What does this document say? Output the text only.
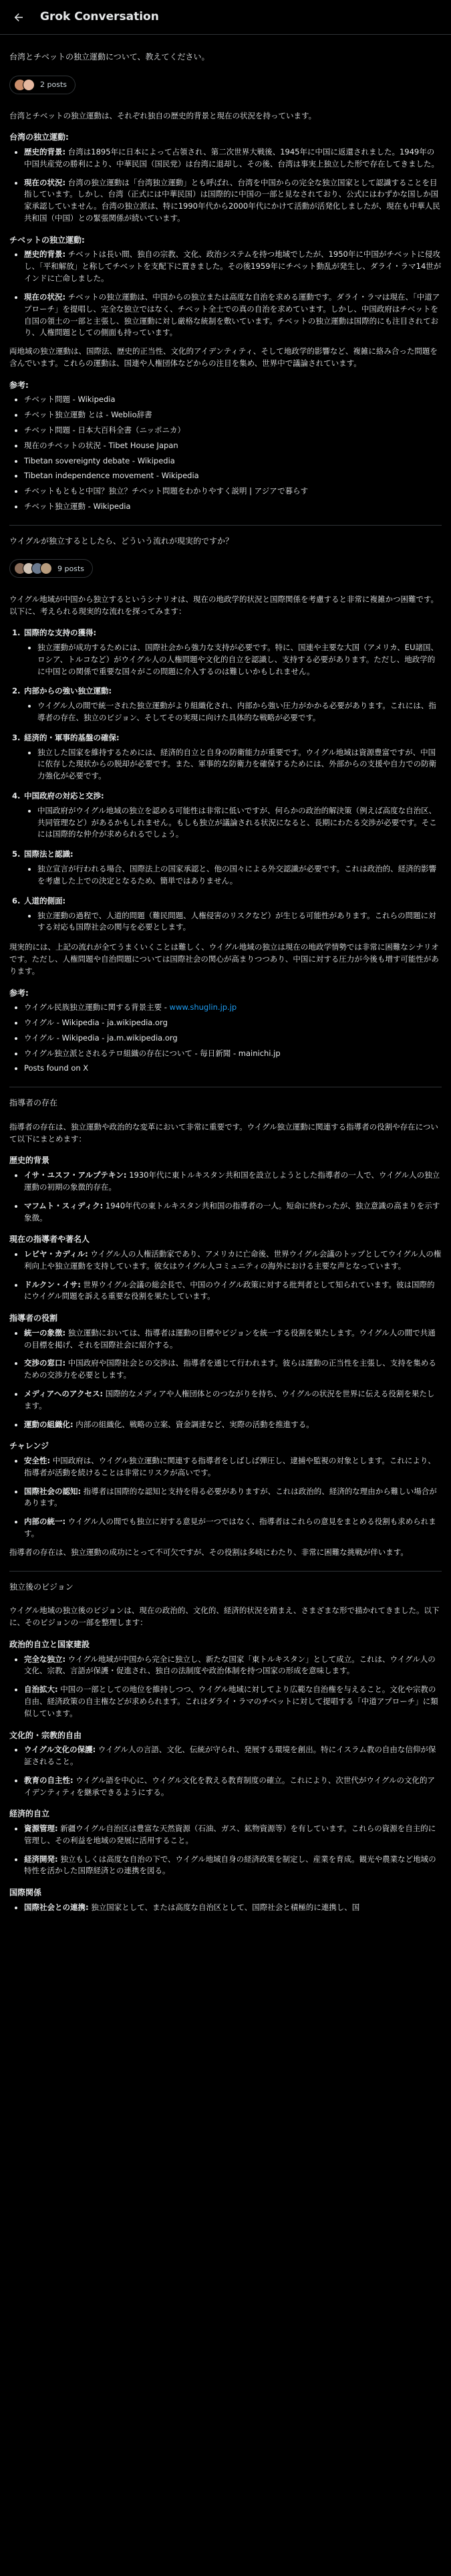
Grok Conversation
台湾とチベットの独立運動について、教えてください。
2 posts

台湾とチベットの独立運動は、それぞれ独自の歴史的背景と現在の状況を持っています。

台湾の独立運動:
歴史的背景: 台湾は1895年に日本によって占領され、第二次世界大戦後、1945年に中国に返還されました。1949年の中国共産党の勝利により、中華民国（国民党）は台湾に退却し、その後、台湾は事実上独立した形で存在してきました。
現在の状況: 台湾の独立運動は「台湾独立運動」とも呼ばれ、台湾を中国からの完全な独立国家として認識することを目指しています。しかし、台湾（正式には中華民国）は国際的に中国の一部と見なされており、公式にはわずかな国しか国家承認していません。台湾の独立派は、特に1990年代から2000年代にかけて活動が活発化しましたが、現在も中華人民共和国（中国）との緊張関係が続いています。
チベットの独立運動:
歴史的背景: チベットは長い間、独自の宗教、文化、政治システムを持つ地域でしたが、1950年に中国がチベットに侵攻し、「平和解放」と称してチベットを支配下に置きました。その後1959年にチベット動乱が発生し、ダライ・ラマ14世がインドに亡命しました。
現在の状況: チベットの独立運動は、中国からの独立または高度な自治を求める運動です。ダライ・ラマは現在、「中道アプローチ」を提唱し、完全な独立ではなく、チベット全土での真の自治を求めています。しかし、中国政府はチベットを自国の領土の一部と主張し、独立運動に対し厳格な統制を敷いています。チベットの独立運動は国際的にも注目されており、人権問題としての側面も持っています。

両地域の独立運動は、国際法、歴史的正当性、文化的アイデンティティ、そして地政学的影響など、複雑に絡み合った問題を含んでいます。これらの運動は、国連や人権団体などからの注目を集め、世界中で議論されています。

参考:
チベット問題 - Wikipedia
チベット独立運動 とは - Weblio辞書
チベット問題 - 日本大百科全書（ニッポニカ）
現在のチベットの状況 - Tibet House Japan
Tibetan sovereignty debate - Wikipedia
Tibetan independence movement - Wikipedia
チベットもともと中国？独立？チベット問題をわかりやすく説明 | アジアで暮らす
チベット独立運動 - Wikipedia
ウイグルが独立するとしたら、どういう流れが現実的ですか？
9 posts

ウイグル地域が中国から独立するというシナリオは、現在の地政学的状況と国際関係を考慮すると非常に複雑かつ困難です。以下に、考えられる現実的な流れを探ってみます：

1. 国際的な支持の獲得:
独立運動が成功するためには、国際社会から強力な支持が必要です。特に、国連や主要な大国（アメリカ、EU諸国、ロシア、トルコなど）がウイグル人の人権問題や文化的自立を認識し、支持する必要があります。ただし、地政学的に中国との関係で重要な国々がこの問題に介入するのは難しいかもしれません。
2. 内部からの強い独立運動:
ウイグル人の間で統一された独立運動がより組織化され、内部から強い圧力がかかる必要があります。これには、指導者の存在、独立のビジョン、そしてその実現に向けた具体的な戦略が必要です。
3. 経済的・軍事的基盤の確保:
独立した国家を維持するためには、経済的自立と自身の防衛能力が重要です。ウイグル地域は資源豊富ですが、中国に依存した現状からの脱却が必要です。また、軍事的な防衛力を確保するためには、外部からの支援や自力での防衛力強化が必要です。
4. 中国政府の対応と交渉:
中国政府がウイグル地域の独立を認める可能性は非常に低いですが、何らかの政治的解決策（例えば高度な自治区、共同管理など）があるかもしれません。もしも独立が議論される状況になると、長期にわたる交渉が必要です。そこには国際的な仲介が求められるでしょう。
5. 国際法と認識:
独立宣言が行われる場合、国際法上の国家承認と、他の国々による外交認識が必要です。これは政治的、経済的影響を考慮した上での決定となるため、簡単ではありません。
6. 人道的側面:
独立運動の過程で、人道的問題（難民問題、人権侵害のリスクなど）が生じる可能性があります。これらの問題に対する対応も国際社会の関与を必要とします。

現実的には、上記の流れが全てうまくいくことは難しく、ウイグル地域の独立は現在の地政学情勢では非常に困難なシナリオです。ただし、人権問題や自治問題については国際社会の関心が高まりつつあり、中国に対する圧力が今後も増す可能性があります。

参考:
ウイグル民族独立運動に関する背景主要 - www.shuglin.jp.jp
ウイグル - Wikipedia - ja.wikipedia.org
ウイグル - Wikipedia - ja.m.wikipedia.org
ウイグル独立派とされるテロ組織の存在について - 毎日新聞 - mainichi.jp
Posts found on X
指導者の存在

指導者の存在は、独立運動や政治的な変革において非常に重要です。ウイグル独立運動に関連する指導者の役割や存在について以下にまとめます：

歴史的背景
イサ・ユスフ・アルプテキン: 1930年代に東トルキスタン共和国を設立しようとした指導者の一人で、ウイグル人の独立運動の初期の象徴的存在。
マフムト・スィディク: 1940年代の東トルキスタン共和国の指導者の一人。短命に終わったが、独立意識の高まりを示す象徴。
現在の指導者や著名人
レビヤ・カディル: ウイグル人の人権活動家であり、アメリカに亡命後、世界ウイグル会議のトップとしてウイグル人の権利向上や独立運動を支持しています。彼女はウイグル人コミュニティの海外における主要な声となっています。
ドルクン・イサ: 世界ウイグル会議の総会長で、中国のウイグル政策に対する批判者として知られています。彼は国際的にウイグル問題を訴える重要な役割を果たしています。
指導者の役割
統一の象徴: 独立運動においては、指導者は運動の目標やビジョンを統一する役割を果たします。ウイグル人の間で共通の目標を掲げ、それを国際社会に紹介する。
交渉の窓口: 中国政府や国際社会との交渉は、指導者を通じて行われます。彼らは運動の正当性を主張し、支持を集めるための交渉力を必要とします。
メディアへのアクセス: 国際的なメディアや人権団体とのつながりを持ち、ウイグルの状況を世界に伝える役割を果たします。
運動の組織化: 内部の組織化、戦略の立案、資金調達など、実際の活動を推進する。
チャレンジ
安全性: 中国政府は、ウイグル独立運動に関連する指導者をしばしば弾圧し、逮捕や監視の対象とします。これにより、指導者が活動を続けることは非常にリスクが高いです。
国際社会の認知: 指導者は国際的な認知と支持を得る必要がありますが、これは政治的、経済的な理由から難しい場合があります。
内部の統一: ウイグル人の間でも独立に対する意見が一つではなく、指導者はこれらの意見をまとめる役割も求められます。

指導者の存在は、独立運動の成功にとって不可欠ですが、その役割は多岐にわたり、非常に困難な挑戦が伴います。

独立後のビジョン

ウイグル地域の独立後のビジョンは、現在の政治的、文化的、経済的状況を踏まえ、さまざまな形で描かれてきました。以下に、そのビジョンの一部を整理します：

政治的自立と国家建設
完全な独立: ウイグル地域が中国から完全に独立し、新たな国家「東トルキスタン」として成立。これは、ウイグル人の文化、宗教、言語が保護・促進され、独自の法制度や政治体制を持つ国家の形成を意味します。
自治拡大: 中国の一部としての地位を維持しつつ、ウイグル地域に対してより広範な自治権を与えること。文化や宗教の自由、経済政策の自主権などが求められます。これはダライ・ラマのチベットに対して提唱する「中道アプローチ」に類似しています。
文化的・宗教的自由
ウイグル文化の保護: ウイグル人の言語、文化、伝統が守られ、発展する環境を創出。特にイスラム教の自由な信仰が保証されること。
教育の自主性: ウイグル語を中心に、ウイグル文化を教える教育制度の確立。これにより、次世代がウイグルの文化的アイデンティティを継承できるようにする。
経済的自立
資源管理: 新疆ウイグル自治区は豊富な天然資源（石油、ガス、鉱物資源等）を有しています。これらの資源を自主的に管理し、その利益を地域の発展に活用すること。
経済開発: 独立もしくは高度な自治の下で、ウイグル地域自身の経済政策を制定し、産業を育成。観光や農業など地域の特性を活かした国際経済との連携を図る。
国際関係
国際社会との連携: 独立国家として、または高度な自治区として、国際社会と積極的に連携し、国
